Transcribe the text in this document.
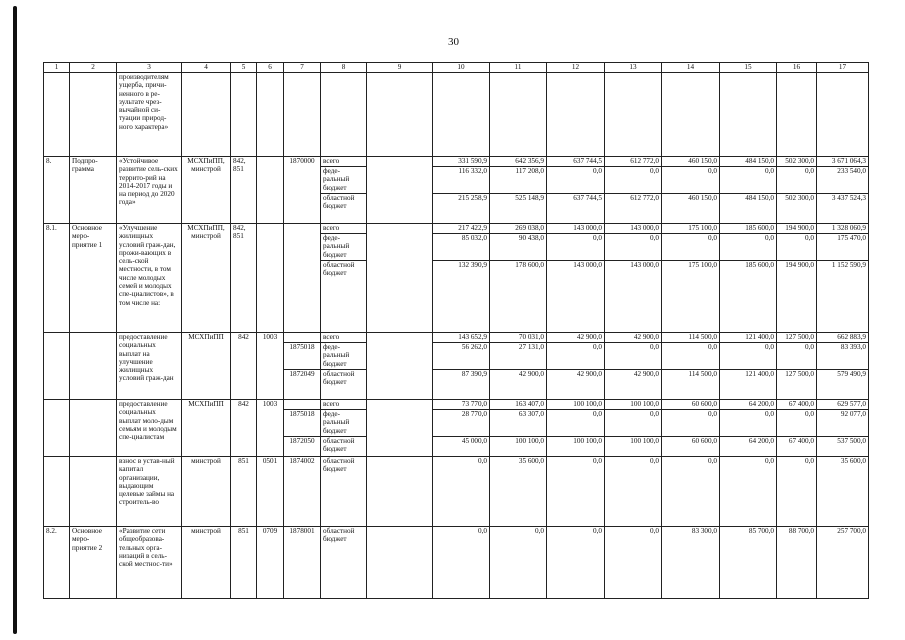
30
1	2	3	4	5	6	7	8	9	10	11	12	13	14	15	16	17
		производителям ущерба, причи-ненного в ре-зультате чрез-вычайной си-туации природ-ного характера»														
8.	Подпро-грамма	«Устойчивое развитие сель-ских террито-рий на 2014-2017 годы и на период до 2020 года»	МСХПиПП, минстрой	842, 851		1870000	всего		331 590,9	642 356,9	637 744,5	612 772,0	460 150,0	484 150,0	502 300,0	3 671 064,3
							феде-ральный бюджет		116 332,0	117 208,0	0,0	0,0	0,0	0,0	0,0	233 540,0
							областной бюджет		215 258,9	525 148,9	637 744,5	612 772,0	460 150,0	484 150,0	502 300,0	3 437 524,3
8.1.	Основное меро-приятие 1	«Улучшение жилищных условий граж-дан, прожи-вающих в сель-ской местности, в том числе молодых семей и молодых спе-циалистов», в том числе на:	МСХПиПП, минстрой	842, 851			всего		217 422,9	269 038,0	143 000,0	143 000,0	175 100,0	185 600,0	194 900,0	1 328 060,9
							феде-ральный бюджет		85 032,0	90 438,0	0,0	0,0	0,0	0,0	0,0	175 470,0
							областной бюджет		132 390,9	178 600,0	143 000,0	143 000,0	175 100,0	185 600,0	194 900,0	1 152 590,9
		предоставление социальных выплат на улучшение жилищных условий граж-дан	МСХПиПП	842	1003		всего		143 652,9	70 031,0	42 900,0	42 900,0	114 500,0	121 400,0	127 500,0	662 883,9
						1875018	феде-ральный бюджет		56 262,0	27 131,0	0,0	0,0	0,0	0,0	0,0	83 393,0
						1872049	областной бюджет		87 390,9	42 900,0	42 900,0	42 900,0	114 500,0	121 400,0	127 500,0	579 490,9
		предоставление социальных выплат моло-дым семьям и молодым спе-циалистам	МСХПиПП	842	1003		всего		73 770,0	163 407,0	100 100,0	100 100,0	60 600,0	64 200,0	67 400,0	629 577,0
						1875018	феде-ральный бюджет		28 770,0	63 307,0	0,0	0,0	0,0	0,0	0,0	92 077,0
						1872050	областной бюджет		45 000,0	100 100,0	100 100,0	100 100,0	60 600,0	64 200,0	67 400,0	537 500,0
		взнос в устав-ный капитал организации, выдающим целевые займы на строитель-во	минстрой	851	0501	1874002	областной бюджет		0,0	35 600,0	0,0	0,0	0,0	0,0	0,0	35 600,0
8.2.	Основное меро-приятие 2	«Развитие сети общеобразова-тельных орга-низаций в сель-ской местнос-ти»	минстрой	851	0709	1878001	областной бюджет		0,0	0,0	0,0	0,0	83 300,0	85 700,0	88 700,0	257 700,0
